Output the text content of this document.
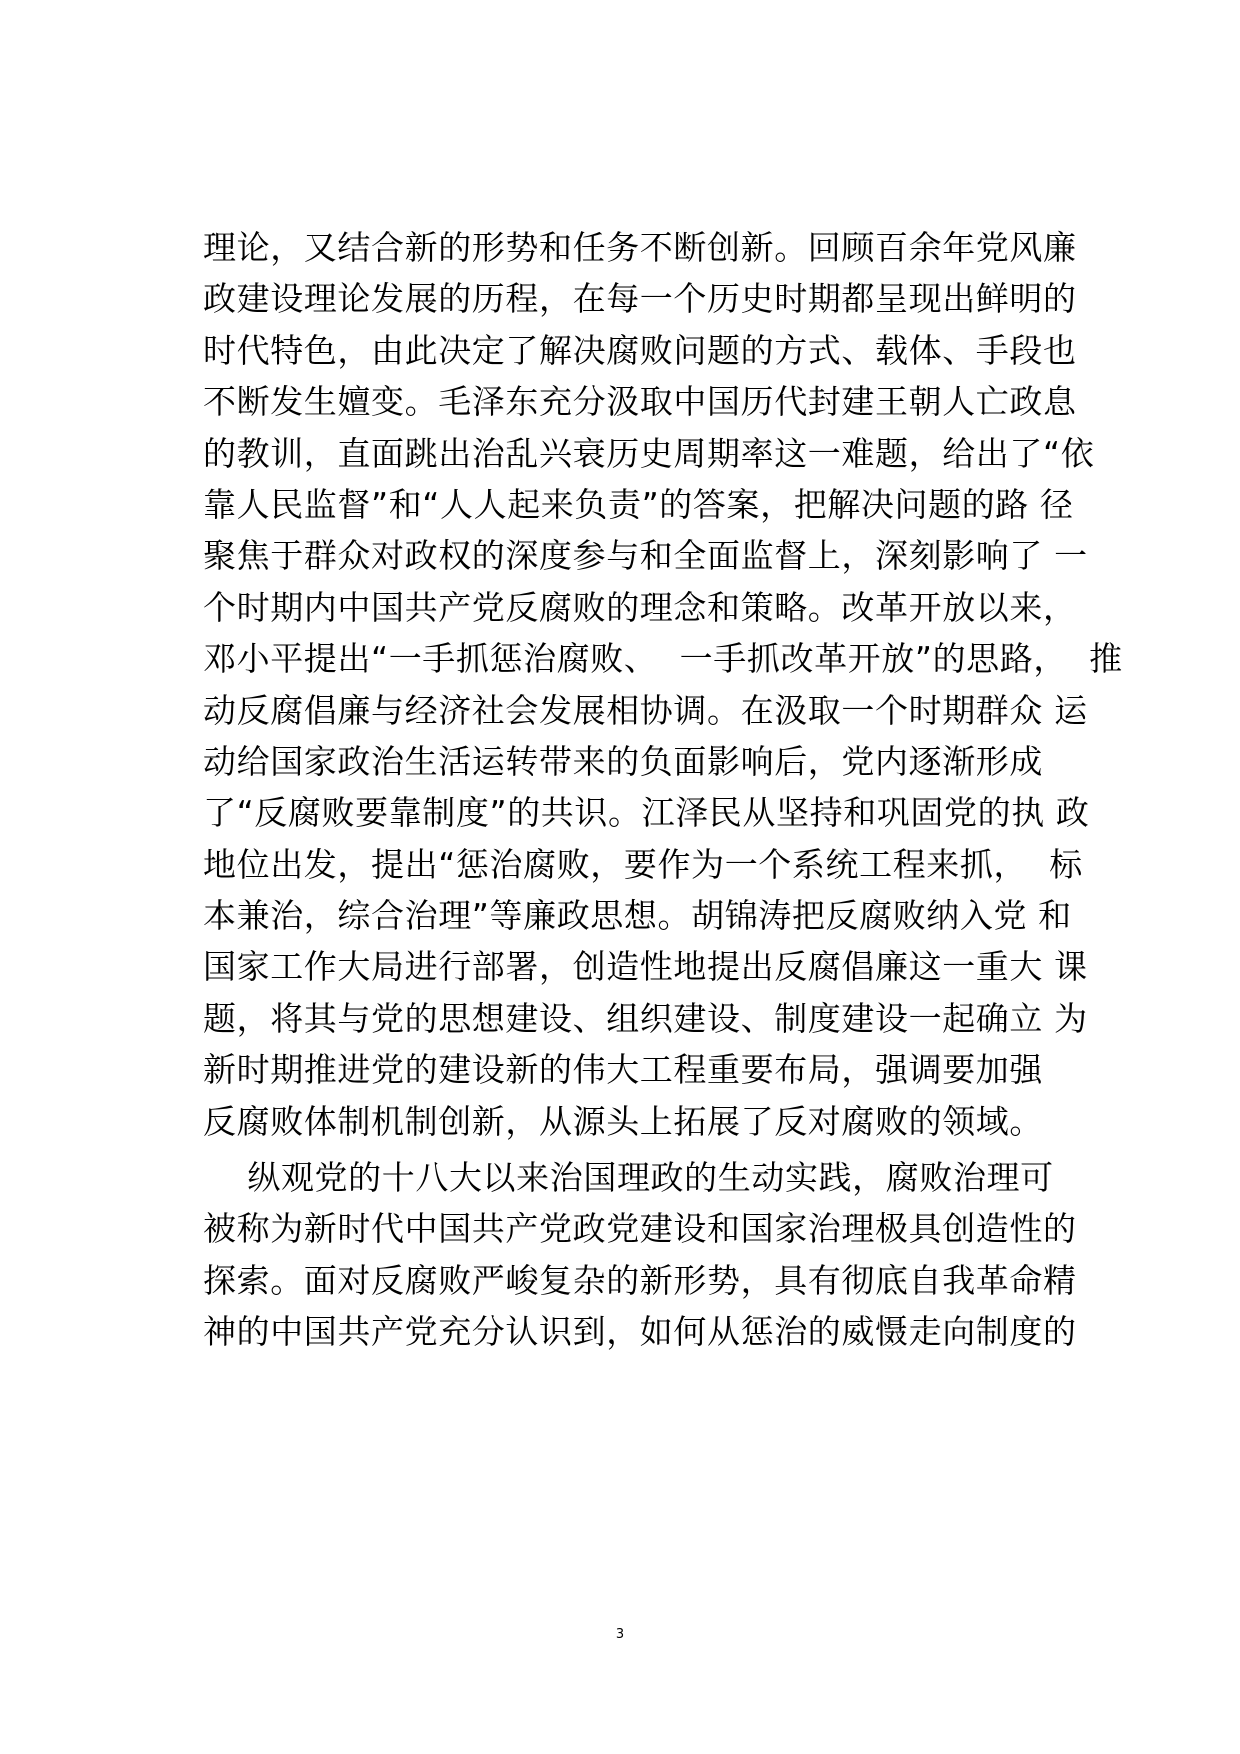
理论，又结合新的形势和任务不断创新。回顾百余年党风廉
政建设理论发展的历程，在每一个历史时期都呈现出鲜明的
时代特色，由此决定了解决腐败问题的方式、载体、手段也
不断发生嬗变。毛泽东充分汲取中国历代封建王朝人亡政息
的教训，直面跳出治乱兴衰历史周期率这一难题，给出了“依
靠人民监督”和“人人起来负责”的答案，把解决问题的路 径
聚焦于群众对政权的深度参与和全面监督上，深刻影响了 一
个时期内中国共产党反腐败的理念和策略。改革开放以来，
邓小平提出“一手抓惩治腐败、  一手抓改革开放”的思路，  推
动反腐倡廉与经济社会发展相协调。在汲取一个时期群众 运
动给国家政治生活运转带来的负面影响后，党内逐渐形成
了“反腐败要靠制度”的共识。江泽民从坚持和巩固党的执 政
地位出发，提出“惩治腐败，要作为一个系统工程来抓，  标
本兼治，综合治理”等廉政思想。胡锦涛把反腐败纳入党 和
国家工作大局进行部署，创造性地提出反腐倡廉这一重大 课
题，将其与党的思想建设、组织建设、制度建设一起确立 为
新时期推进党的建设新的伟大工程重要布局，强调要加强
反腐败体制机制创新，从源头上拓展了反对腐败的领域。
纵观党的十八大以来治国理政的生动实践，腐败治理可
被称为新时代中国共产党政党建设和国家治理极具创造性的
探索。面对反腐败严峻复杂的新形势，具有彻底自我革命精
神的中国共产党充分认识到，如何从惩治的威慑走向制度的
3
